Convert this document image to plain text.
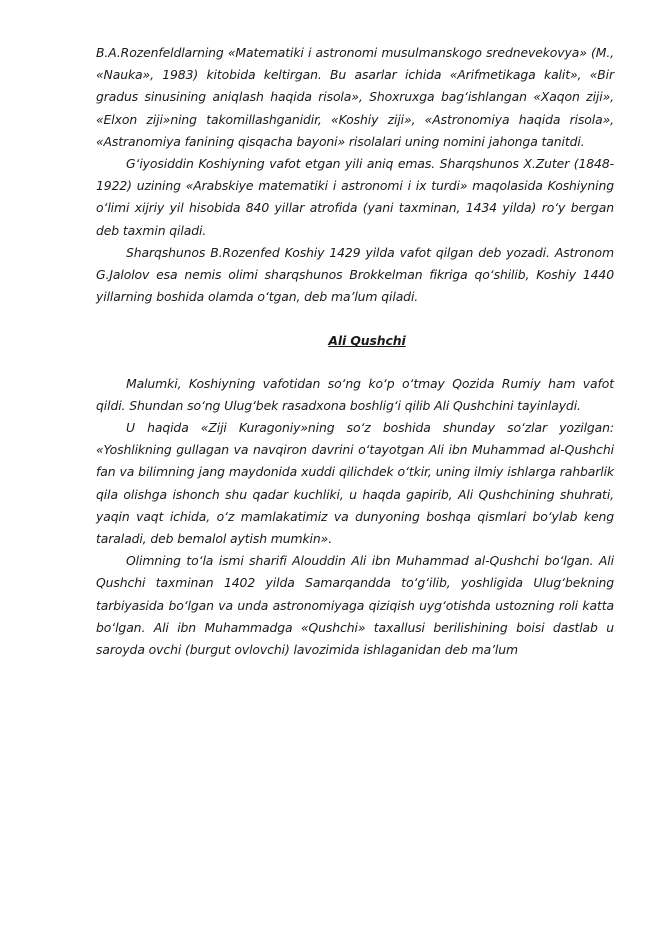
B.A.Rozenfeldlarning «Matematiki i astronomi musulmanskogo srednevekovya» (M., «Nauka», 1983) kitobida keltirgan. Bu asarlar ichida «Arifmetikaga kalit», «Bir gradus sinusining aniqlash haqida risola», Shoxruxga bag‘ishlangan «Xaqon ziji», «Elxon ziji»ning takomillashganidir, «Koshiy ziji», «Astronomiya haqida risola», «Astranomiya fanining qisqacha bayoni» risolalari uning nomini jahonga tanitdi.

G‘iyosiddin Koshiyning vafot etgan yili aniq emas. Sharqshunos X.Zuter (1848-1922) uzining «Arabskiye matematiki i astronomi i ix turdi» maqolasida Koshiyning o‘limi xijriy yil hisobida 840 yillar atrofida (yani taxminan, 1434 yilda) ro‘y bergan deb taxmin qiladi.

Sharqshunos B.Rozenfed Koshiy 1429 yilda vafot qilgan deb yozadi. Astronom G.Jalolov esa nemis olimi sharqshunos Brokkelman fikriga qo‘shilib, Koshiy 1440 yillarning boshida olamda o‘tgan, deb ma’lum qiladi.

Ali Qushchi

Malumki, Koshiyning vafotidan so‘ng ko‘p o‘tmay Qozida Rumiy ham vafot qildi. Shundan so‘ng Ulug‘bek rasadxona boshlig‘i qilib Ali Qushchini tayinlaydi.

U haqida «Ziji Kuragoniy»ning so‘z boshida shunday so‘zlar yozilgan: «Yoshlikning gullagan va navqiron davrini o‘tayotgan Ali ibn Muhammad al-Qushchi fan va bilimning jang maydonida xuddi qilichdek o‘tkir, uning ilmiy ishlarga rahbarlik qila olishga ishonch shu qadar kuchliki, u haqda gapirib, Ali Qushchining shuhrati, yaqin vaqt ichida, o‘z mamlakatimiz va dunyoning boshqa qismlari bo‘ylab keng taraladi, deb bemalol aytish mumkin».

Olimning to‘la ismi sharifi Alouddin Ali ibn Muhammad al-Qushchi bo‘lgan. Ali Qushchi taxminan 1402 yilda Samarqandda to‘g‘ilib, yoshligida Ulug‘bekning tarbiyasida bo‘lgan va unda astronomiyaga qiziqish uyg‘otishda ustozning roli katta bo‘lgan. Ali ibn Muhammadga «Qushchi» taxallusi berilishining boisi dastlab u saroyda ovchi (burgut ovlovchi) lavozimida ishlaganidan deb ma’lum
